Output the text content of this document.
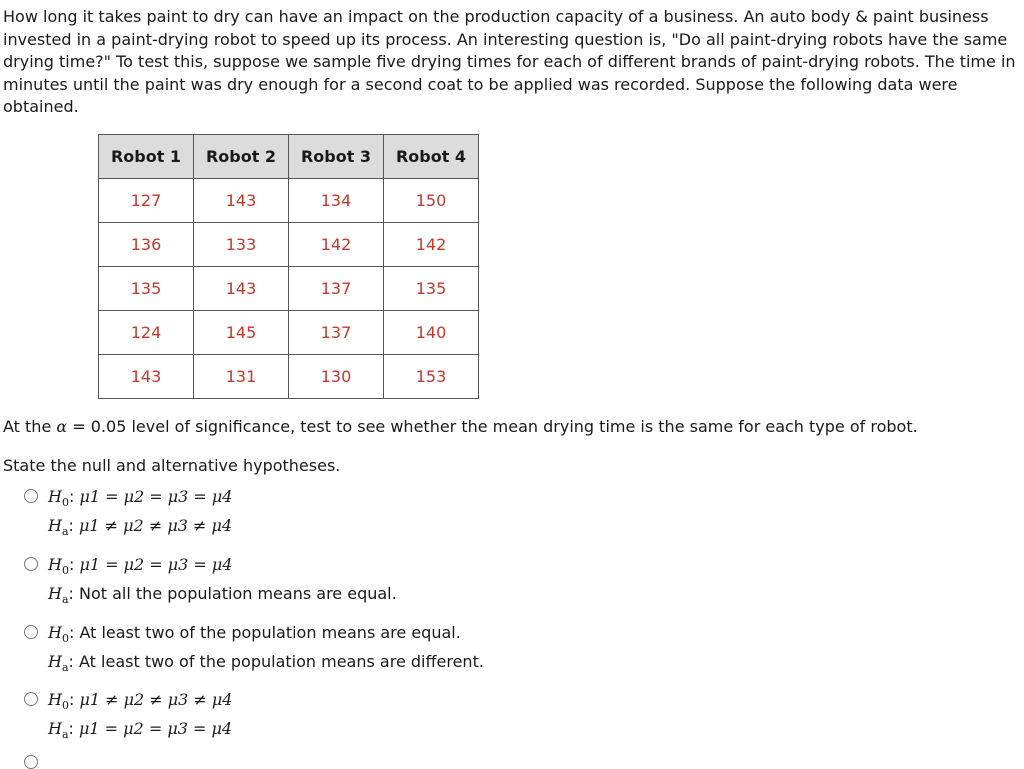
How long it takes paint to dry can have an impact on the production capacity of a business. An auto body & paint business invested in a paint-drying robot to speed up its process. An interesting question is, "Do all paint-drying robots have the same drying time?" To test this, suppose we sample five drying times for each of different brands of paint-drying robots. The time in minutes until the paint was dry enough for a second coat to be applied was recorded. Suppose the following data were obtained.

Robot 1	Robot 2	Robot 3	Robot 4
127	143	134	150
136	133	142	142
135	143	137	135
124	145	137	140
143	131	130	153

At the α = 0.05 level of significance, test to see whether the mean drying time is the same for each type of robot.

State the null and alternative hypotheses.

$H_0$: μ1 = μ2 = μ3 = μ4
$H_a$: μ1 ≠ μ2 ≠ μ3 ≠ μ4
$H_0$: μ1 = μ2 = μ3 = μ4
$H_a$: Not all the population means are equal.
$H_0$: At least two of the population means are equal.
$H_a$: At least two of the population means are different.
$H_0$: μ1 ≠ μ2 ≠ μ3 ≠ μ4
$H_a$: μ1 = μ2 = μ3 = μ4
